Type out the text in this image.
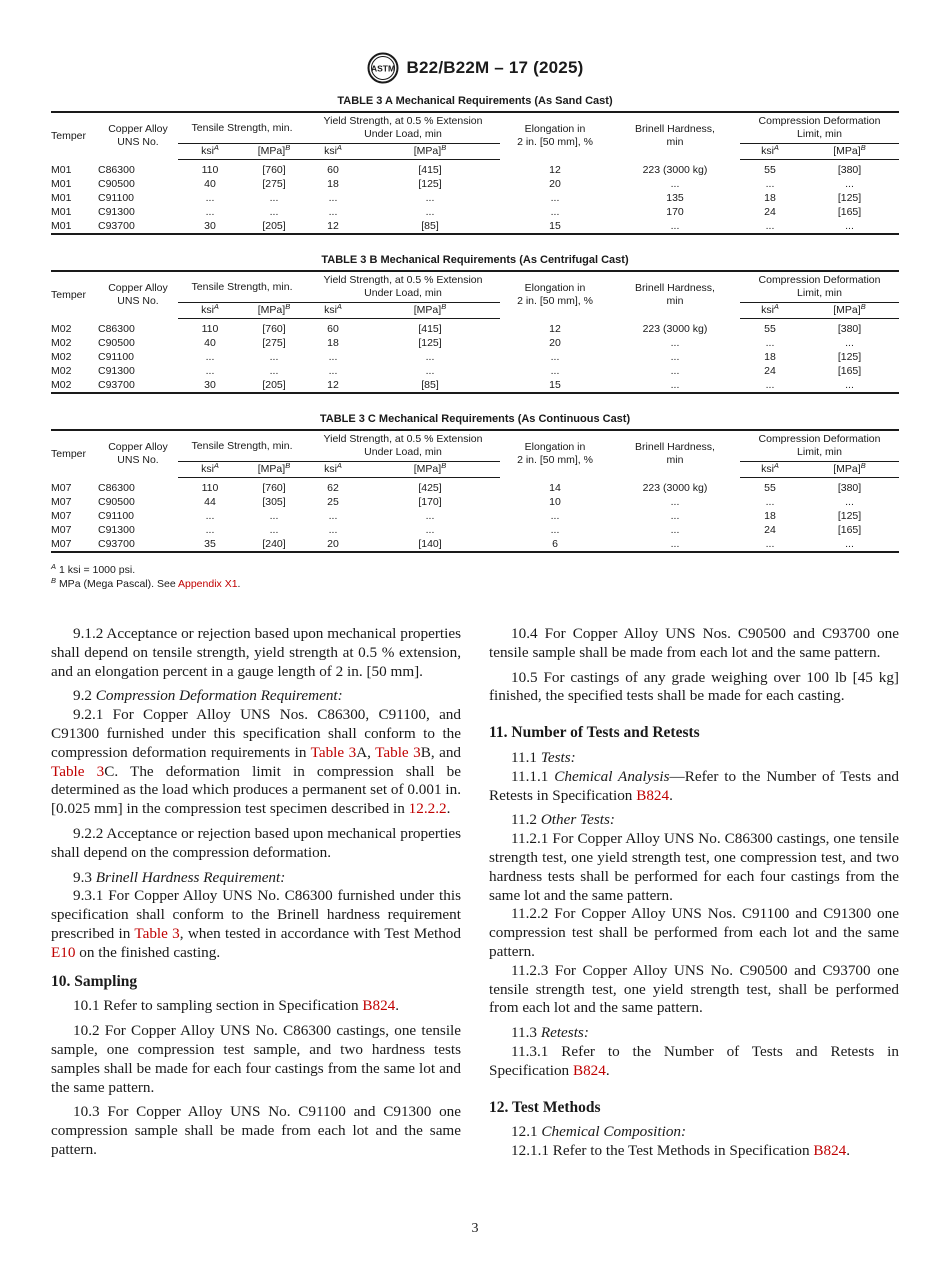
ASTM B22/B22M – 17 (2025)
TABLE 3 A Mechanical Requirements (As Sand Cast)
Temper	Copper Alloy
UNS No.	Tensile Strength, min.		Yield Strength, at 0.5 % Extension
Under Load, min		Elongation in
2 in. [50 mm], %	Brinell Hardness,
min	Compression Deformation
Limit, min	
		ksi$^A$	[MPa]$^B$	ksi$^A$	[MPa]$^B$			ksi$^A$	[MPa]$^B$
M01	C86300	110	[760]	60	[415]	12	223 (3000 kg)	55	[380]
M01	C90500	40	[275]	18	[125]	20	...	...	...
M01	C91100	...	...	...	...	...	135	18	[125]
M01	C91300	...	...	...	...	...	170	24	[165]
M01	C93700	30	[205]	12	[85]	15	...	...	...
TABLE 3 B Mechanical Requirements (As Centrifugal Cast)
Temper	Copper Alloy
UNS No.	Tensile Strength, min.		Yield Strength, at 0.5 % Extension
Under Load, min		Elongation in
2 in. [50 mm], %	Brinell Hardness,
min	Compression Deformation
Limit, min	
		ksi$^A$	[MPa]$^B$	ksi$^A$	[MPa]$^B$			ksi$^A$	[MPa]$^B$
M02	C86300	110	[760]	60	[415]	12	223 (3000 kg)	55	[380]
M02	C90500	40	[275]	18	[125]	20	...	...	...
M02	C91100	...	...	...	...	...	...	18	[125]
M02	C91300	...	...	...	...	...	...	24	[165]
M02	C93700	30	[205]	12	[85]	15	...	...	...
TABLE 3 C Mechanical Requirements (As Continuous Cast)
Temper	Copper Alloy
UNS No.	Tensile Strength, min.		Yield Strength, at 0.5 % Extension
Under Load, min		Elongation in
2 in. [50 mm], %	Brinell Hardness,
min	Compression Deformation
Limit, min	
		ksi$^A$	[MPa]$^B$	ksi$^A$	[MPa]$^B$			ksi$^A$	[MPa]$^B$
M07	C86300	110	[760]	62	[425]	14	223 (3000 kg)	55	[380]
M07	C90500	44	[305]	25	[170]	10	...	...	...
M07	C91100	...	...	...	...	...	...	18	[125]
M07	C91300	...	...	...	...	...	...	24	[165]
M07	C93700	35	[240]	20	[140]	6	...	...	...
$^A$ 1 ksi = 1000 psi.
$^B$ MPa (Mega Pascal). See Appendix X1.

9.1.2 Acceptance or rejection based upon mechanical properties shall depend on tensile strength, yield strength at 0.5 % extension, and an elongation percent in a gauge length of 2 in. [50 mm].

9.2 Compression Deformation Requirement:

9.2.1 For Copper Alloy UNS Nos. C86300, C91100, and C91300 furnished under this specification shall conform to the compression deformation requirements in Table 3A, Table 3B, and Table 3C. The deformation limit in compression shall be determined as the load which produces a permanent set of 0.001 in. [0.025 mm] in the compression test specimen described in 12.2.2.

9.2.2 Acceptance or rejection based upon mechanical properties shall depend on the compression deformation.

9.3 Brinell Hardness Requirement:

9.3.1 For Copper Alloy UNS No. C86300 furnished under this specification shall conform to the Brinell hardness requirement prescribed in Table 3, when tested in accordance with Test Method E10 on the finished casting.

10. Sampling

10.1 Refer to sampling section in Specification B824.

10.2 For Copper Alloy UNS No. C86300 castings, one tensile sample, one compression test sample, and two hardness tests samples shall be made for each four castings from the same lot and the same pattern.

10.3 For Copper Alloy UNS No. C91100 and C91300 one compression sample shall be made from each lot and the same pattern.

10.4 For Copper Alloy UNS Nos. C90500 and C93700 one tensile sample shall be made from each lot and the same pattern.

10.5 For castings of any grade weighing over 100 lb [45 kg] finished, the specified tests shall be made for each casting.

11. Number of Tests and Retests

11.1 Tests:

11.1.1 Chemical Analysis—Refer to the Number of Tests and Retests in Specification B824.

11.2 Other Tests:

11.2.1 For Copper Alloy UNS No. C86300 castings, one tensile strength test, one yield strength test, one compression test, and two hardness tests shall be performed for each four castings from the same lot and the same pattern.

11.2.2 For Copper Alloy UNS Nos. C91100 and C91300 one compression test shall be performed from each lot and the same pattern.

11.2.3 For Copper Alloy UNS No. C90500 and C93700 one tensile strength test, one yield strength test, shall be performed from each lot and the same pattern.

11.3 Retests:

11.3.1 Refer to the Number of Tests and Retests in Specification B824.

12. Test Methods

12.1 Chemical Composition:

12.1.1 Refer to the Test Methods in Specification B824.

3
